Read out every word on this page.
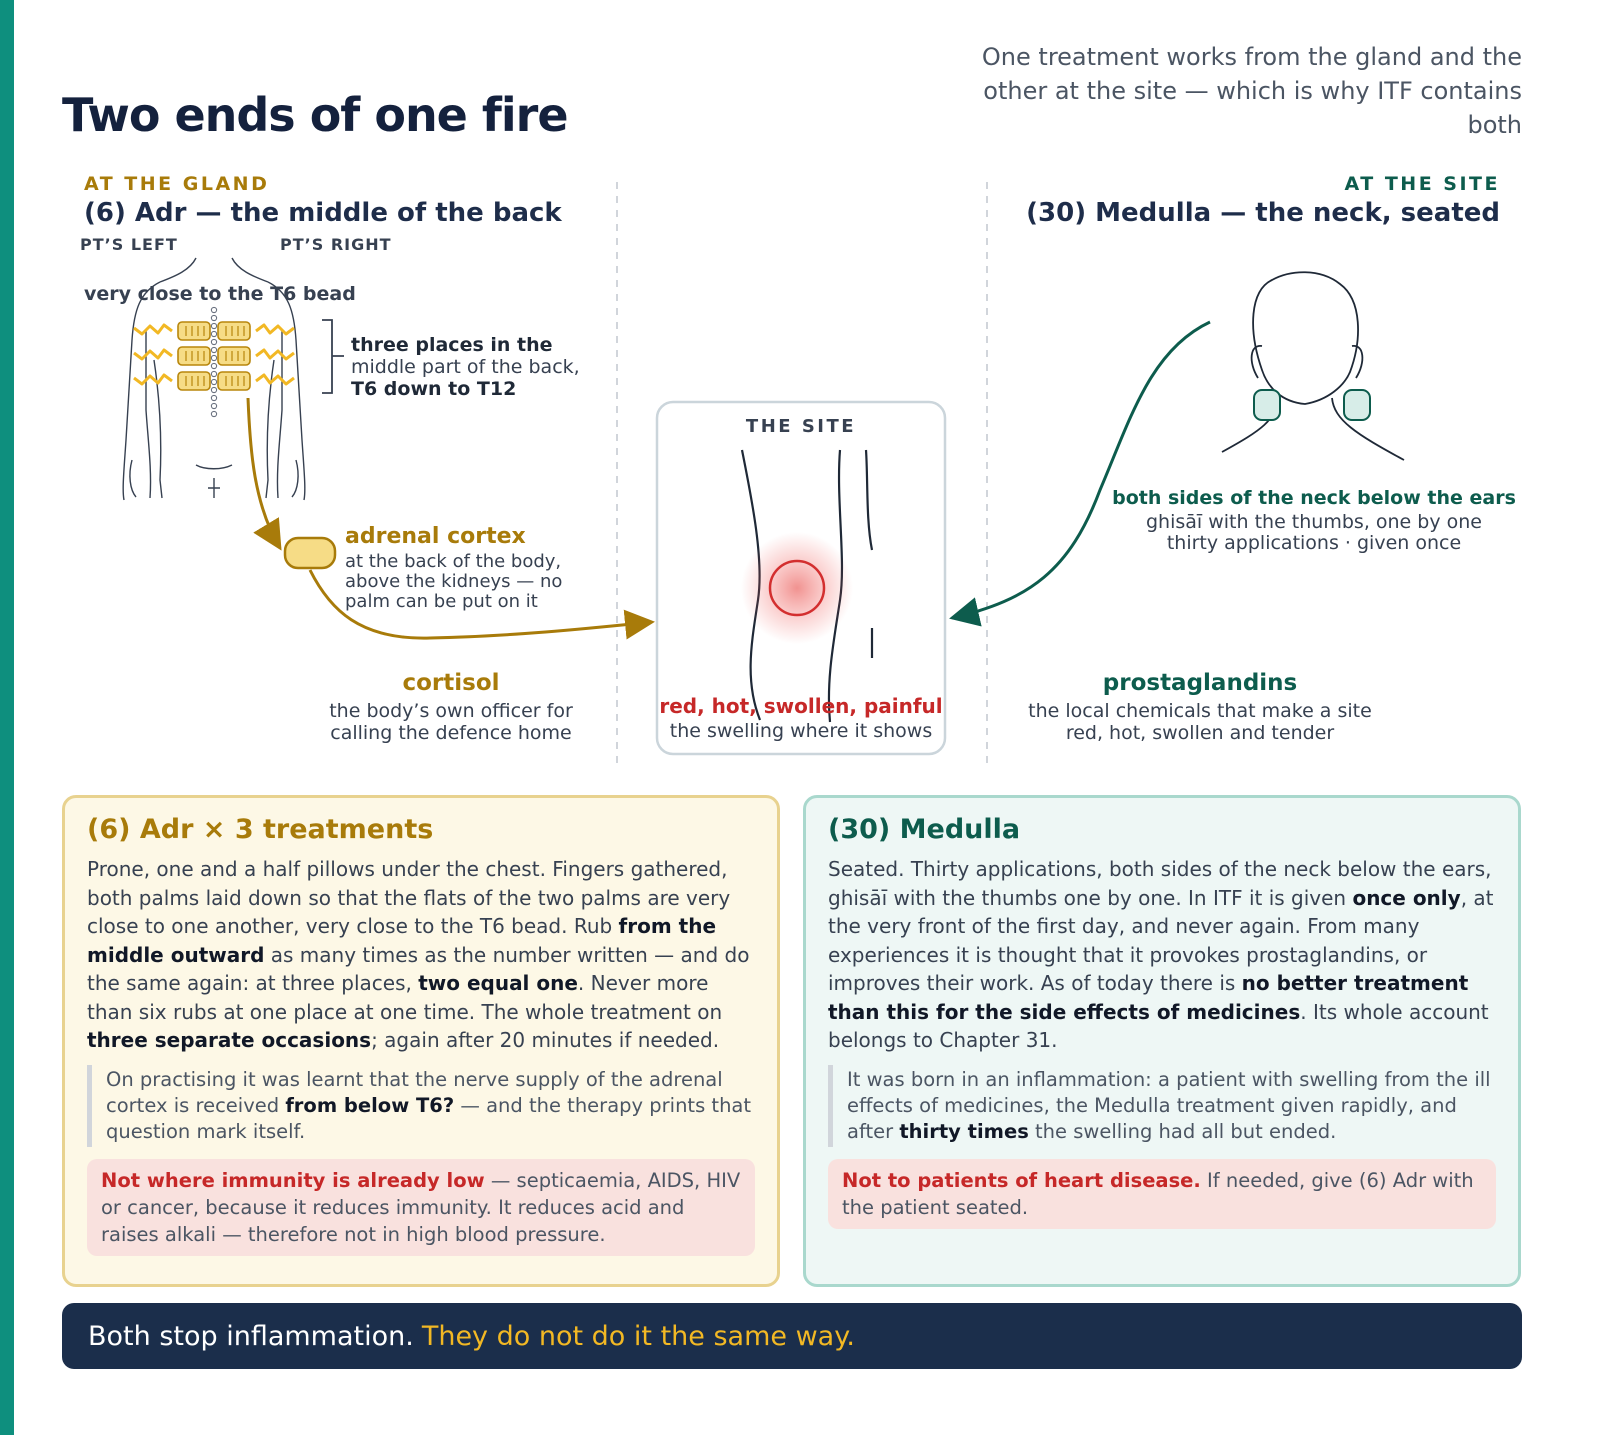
Two ends of one fire

One treatment works from the gland and the other at the site — which is why ITF contains both

AT THE GLAND
(6) Adr — the middle of the back
PT’S LEFT	PT’S RIGHT
very close to the T6 bead
three places in the
middle part of the back,
T6 down to T12
adrenal cortex
at the back of the body,
above the kidneys — no
palm can be put on it
cortisol
the body’s own officer for
calling the defence home
THE SITE
red, hot, swollen, painful
the swelling where it shows
AT THE SITE
(30) Medulla — the neck, seated
both sides of the neck below the ears
ghisāī with the thumbs, one by one
thirty applications · given once
prostaglandins
the local chemicals that make a site
red, hot, swollen and tender
(6) Adr × 3 treatments

Prone, one and a half pillows under the chest. Fingers gathered, both palms laid down so that the flats of the two palms are very close to one another, very close to the T6 bead. Rub from the middle outward as many times as the number written — and do the same again: at three places, two equal one. Never more than six rubs at one place at one time. The whole treatment on three separate occasions; again after 20 minutes if needed.

On practising it was learnt that the nerve supply of the adrenal cortex is received from below T6? — and the therapy prints that question mark itself.
Not where immunity is already low — septicaemia, AIDS, HIV or cancer, because it reduces immunity. It reduces acid and raises alkali — therefore not in high blood pressure.
(30) Medulla

Seated. Thirty applications, both sides of the neck below the ears, ghisāī with the thumbs one by one. In ITF it is given once only, at the very front of the first day, and never again. From many experiences it is thought that it provokes prostaglandins, or improves their work. As of today there is no better treatment than this for the side effects of medicines. Its whole account belongs to Chapter 31.

It was born in an inflammation: a patient with swelling from the ill effects of medicines, the Medulla treatment given rapidly, and after thirty times the swelling had all but ended.
Not to patients of heart disease. If needed, give (6) Adr with the patient seated.
Both stop inflammation. They do not do it the same way.
